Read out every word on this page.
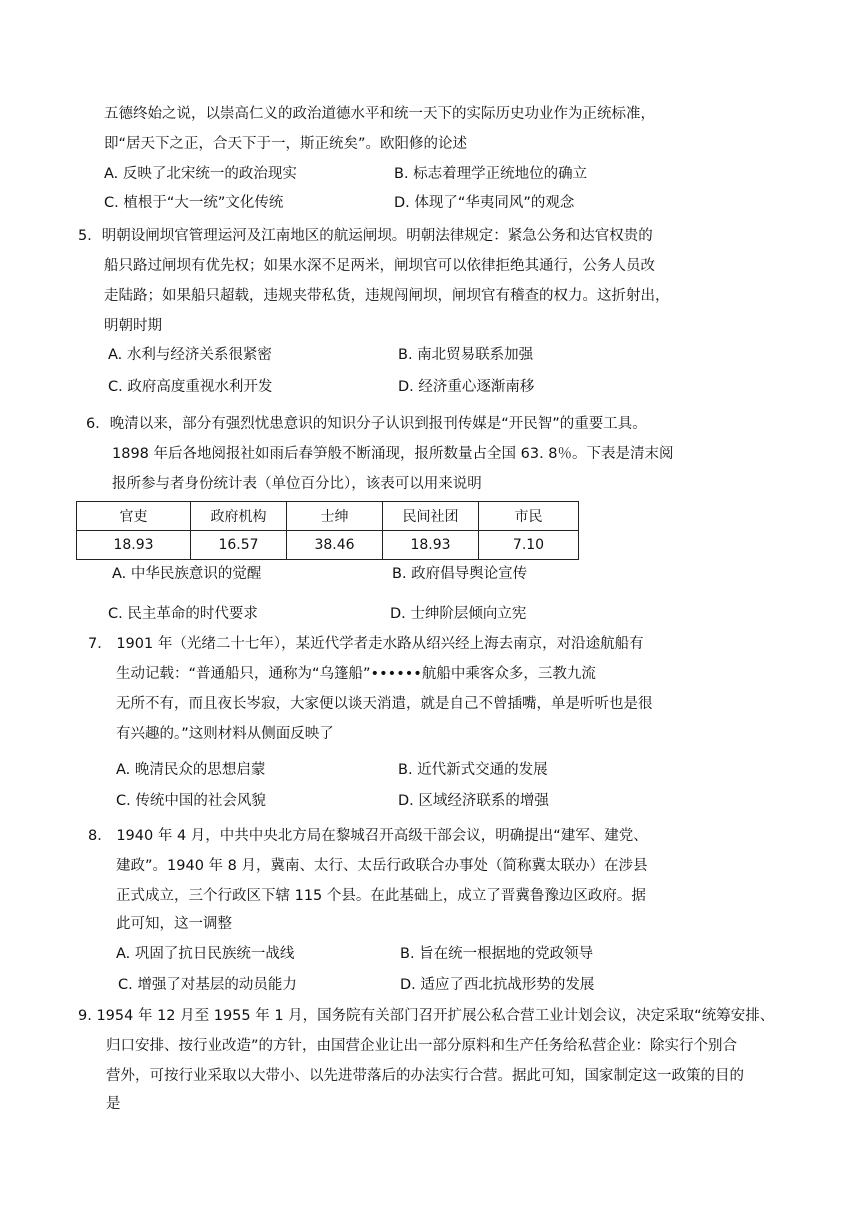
五德终始之说，以崇高仁义的政治道德水平和统一天下的实际历史功业作为正统标准，
即“居天下之正，合天下于一，斯正统矣”。欧阳修的论述
A. 反映了北宋统一的政治现实	B. 标志着理学正统地位的确立
C. 植根于“大一统”文化传统	D. 体现了“华夷同风”的观念
5．明朝设闸坝官管理运河及江南地区的航运闸坝。明朝法律规定：紧急公务和达官权贵的
船只路过闸坝有优先权；如果水深不足两米，闸坝官可以依律拒绝其通行，公务人员改
走陆路；如果船只超载，违规夹带私货，违规闯闸坝，闸坝官有稽查的权力。这折射出，
明朝时期
A. 水利与经济关系很紧密	B. 南北贸易联系加强
C. 政府高度重视水利开发	D. 经济重心逐渐南移
6．晚清以来，部分有强烈忧患意识的知识分子认识到报刊传媒是“开民智”的重要工具。
1898 年后各地阅报社如雨后春笋般不断涌现，报所数量占全国 63. 8％。下表是清末阅
报所参与者身份统计表（单位百分比），该表可以用来说明
官吏	政府机构	士绅	民间社团	市民
18.93	16.57	38.46	18.93	7.10
A. 中华民族意识的觉醒	B. 政府倡导舆论宣传
C. 民主革命的时代要求	D. 士绅阶层倾向立宪
7． 1901 年（光绪二十七年），某近代学者走水路从绍兴经上海去南京，对沿途航船有
生动记载：“普通船只，通称为“乌篷船”••••••航船中乘客众多，三教九流
无所不有，而且夜长岑寂，大家便以谈天消遣，就是自己不曾插嘴，单是听听也是很
有兴趣的。”这则材料从侧面反映了
A. 晚清民众的思想启蒙	B. 近代新式交通的发展
C. 传统中国的社会风貌	D. 区域经济联系的增强
8． 1940 年 4 月，中共中央北方局在黎城召开高级干部会议，明确提出“建军、建党、
建政”。1940 年 8 月，冀南、太行、太岳行政联合办事处（简称冀太联办）在涉县
正式成立，三个行政区下辖 115 个县。在此基础上，成立了晋冀鲁豫边区政府。据
此可知，这一调整
A. 巩固了抗日民族统一战线	B. 旨在统一根据地的党政领导
C. 增强了对基层的动员能力	D. 适应了西北抗战形势的发展
9. 1954 年 12 月至 1955 年 1 月，国务院有关部门召开扩展公私合营工业计划会议，决定采取“统筹安排、
归口安排、按行业改造”的方针，由国营企业让出一部分原料和生产任务给私营企业：除实行个别合
营外，可按行业采取以大带小、以先进带落后的办法实行合营。据此可知，国家制定这一政策的目的
是
